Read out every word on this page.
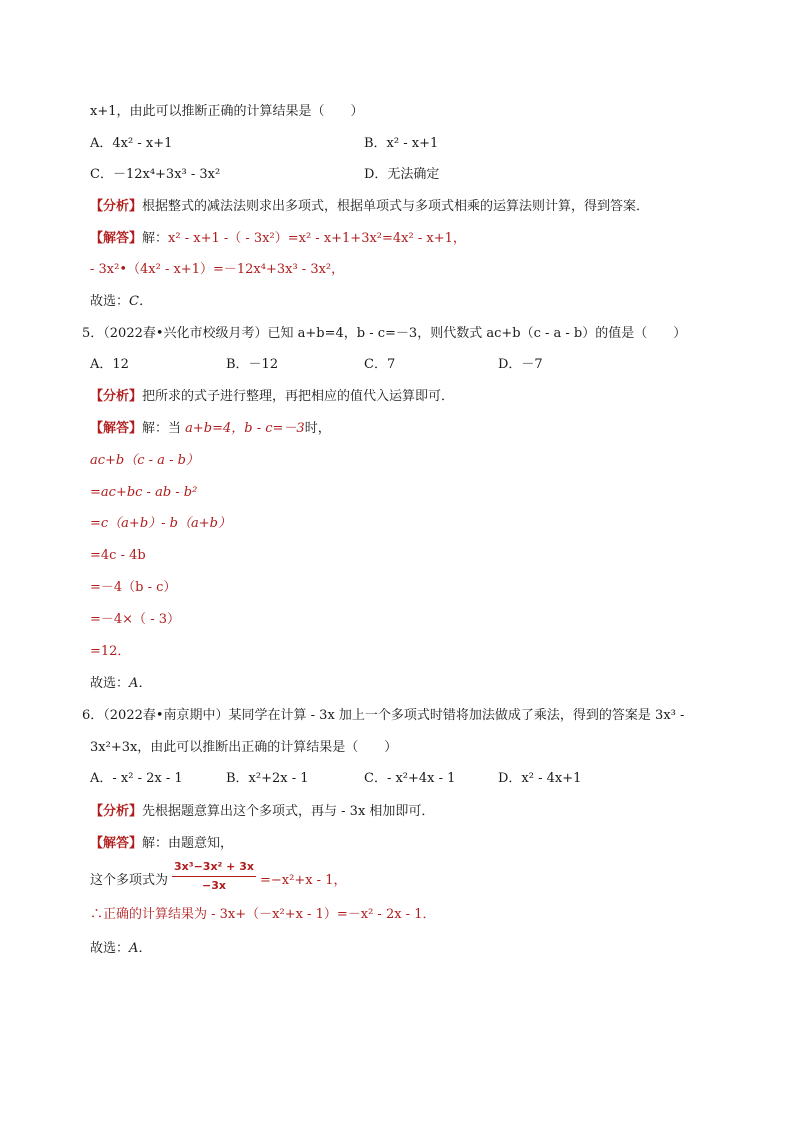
x+1，由此可以推断正确的计算结果是（　　）
A．4x² - x+1	B．x² - x+1
C．－12x⁴+3x³ - 3x²	D．无法确定
【分析】根据整式的减法法则求出多项式，根据单项式与多项式相乘的运算法则计算，得到答案．
【解答】解：x² - x+1 -（ - 3x²）=x² - x+1+3x²=4x² - x+1，
- 3x²•（4x² - x+1）=－12x⁴+3x³ - 3x²，
故选：C．
5．（2022春•兴化市校级月考）已知 a+b=4，b - c=－3，则代数式 ac+b（c - a - b）的值是（　　）
A．12	B．－12	C．7	D．－7
【分析】把所求的式子进行整理，再把相应的值代入运算即可．
【解答】解：当 a+b=4，b - c=－3时，
ac+b（c - a - b）
=ac+bc - ab - b²
=c（a+b）- b（a+b）
=4c - 4b
=－4（b - c）
=－4×（ - 3）
=12．
故选：A．
6．（2022春•南京期中）某同学在计算 - 3x 加上一个多项式时错将加法做成了乘法，得到的答案是 3x³ -
3x²+3x，由此可以推断出正确的计算结果是（　　）
A．- x² - 2x - 1	B．x²+2x - 1	C．- x²+4x - 1	D．x² - 4x+1
【分析】先根据题意算出这个多项式，再与 - 3x 相加即可．
【解答】解：由题意知，
这个多项式为
3x³−3x² + 3x
−3x	=−x²+x - 1，
∴正确的计算结果为 - 3x+（－x²+x - 1）=－x² - 2x - 1．
故选：A．
